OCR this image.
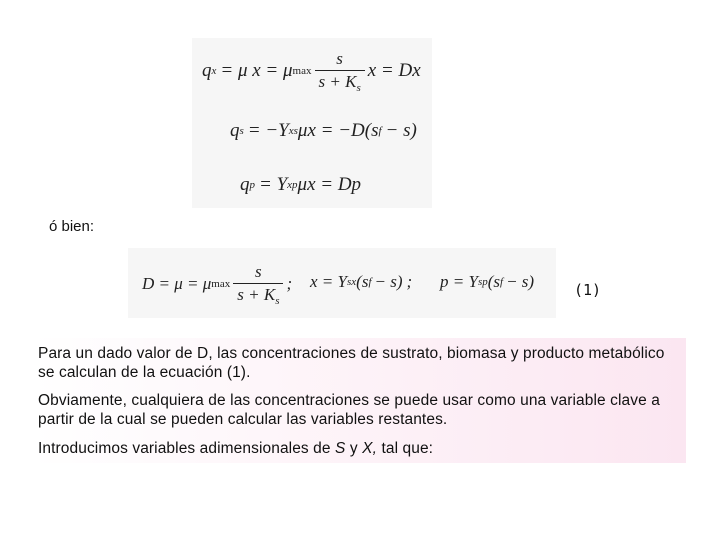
q x = μ x = μ $\max \frac{s}{s + K_s}$ x = Dx
q s = −Y xs μx = −D(s f − s)
q p = Y xp μx = Dp
ó bien:
D = μ = μ $\max \frac{s}{s + K_s}$ ; x = Y sx (s f − s) ; p = Y sp (s f − s)	(1)
Para un dado valor de D, las concentraciones de sustrato, biomasa y producto metabólico se calculan de la ecuación (1).
Obviamente, cualquiera de las concentraciones se puede usar como una variable clave a partir de la cual se pueden calcular las variables restantes.
Introducimos variables adimensionales de S y X, tal que:
